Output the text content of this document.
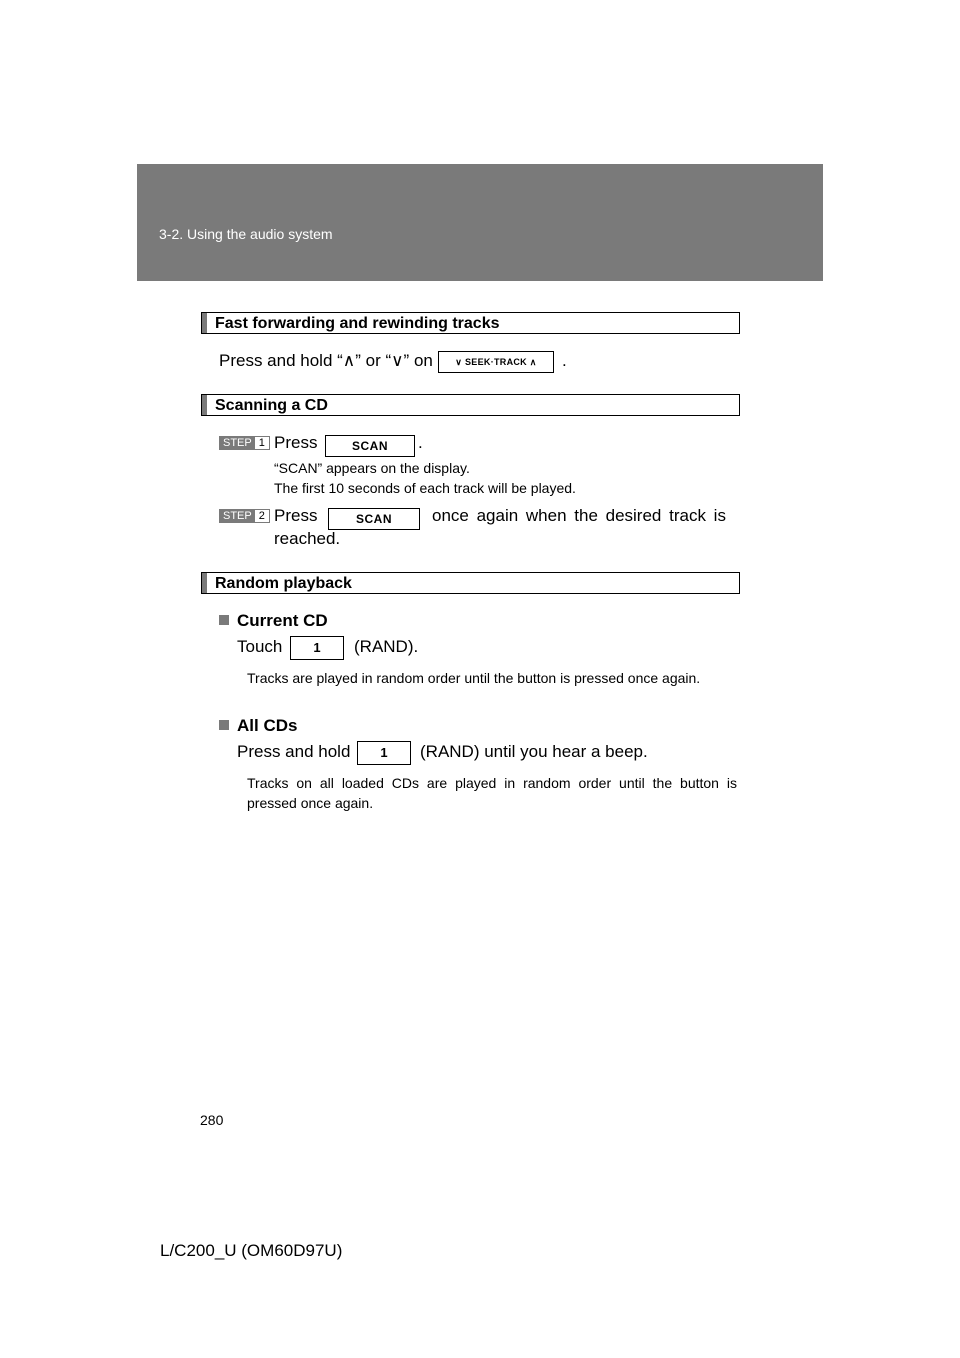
3-2. Using the audio system
Fast forwarding and rewinding tracks
Press and hold “∧” or “∨” on	∨ SEEK·TRACK ∧	.
Scanning a CD
STEP 1 Press	SCAN	.
“SCAN” appears on the display.
The first 10 seconds of each track will be played.
STEP 2 Press	SCAN	once again when the desired track is
reached.
Random playback
Current CD
Touch	1	(RAND).
Tracks are played in random order until the button is pressed once again.
All CDs
Press and hold	1	(RAND) until you hear a beep.
Tracks on all loaded CDs are played in random order until the button is pressed once again.
280
L/C200_U (OM60D97U)
